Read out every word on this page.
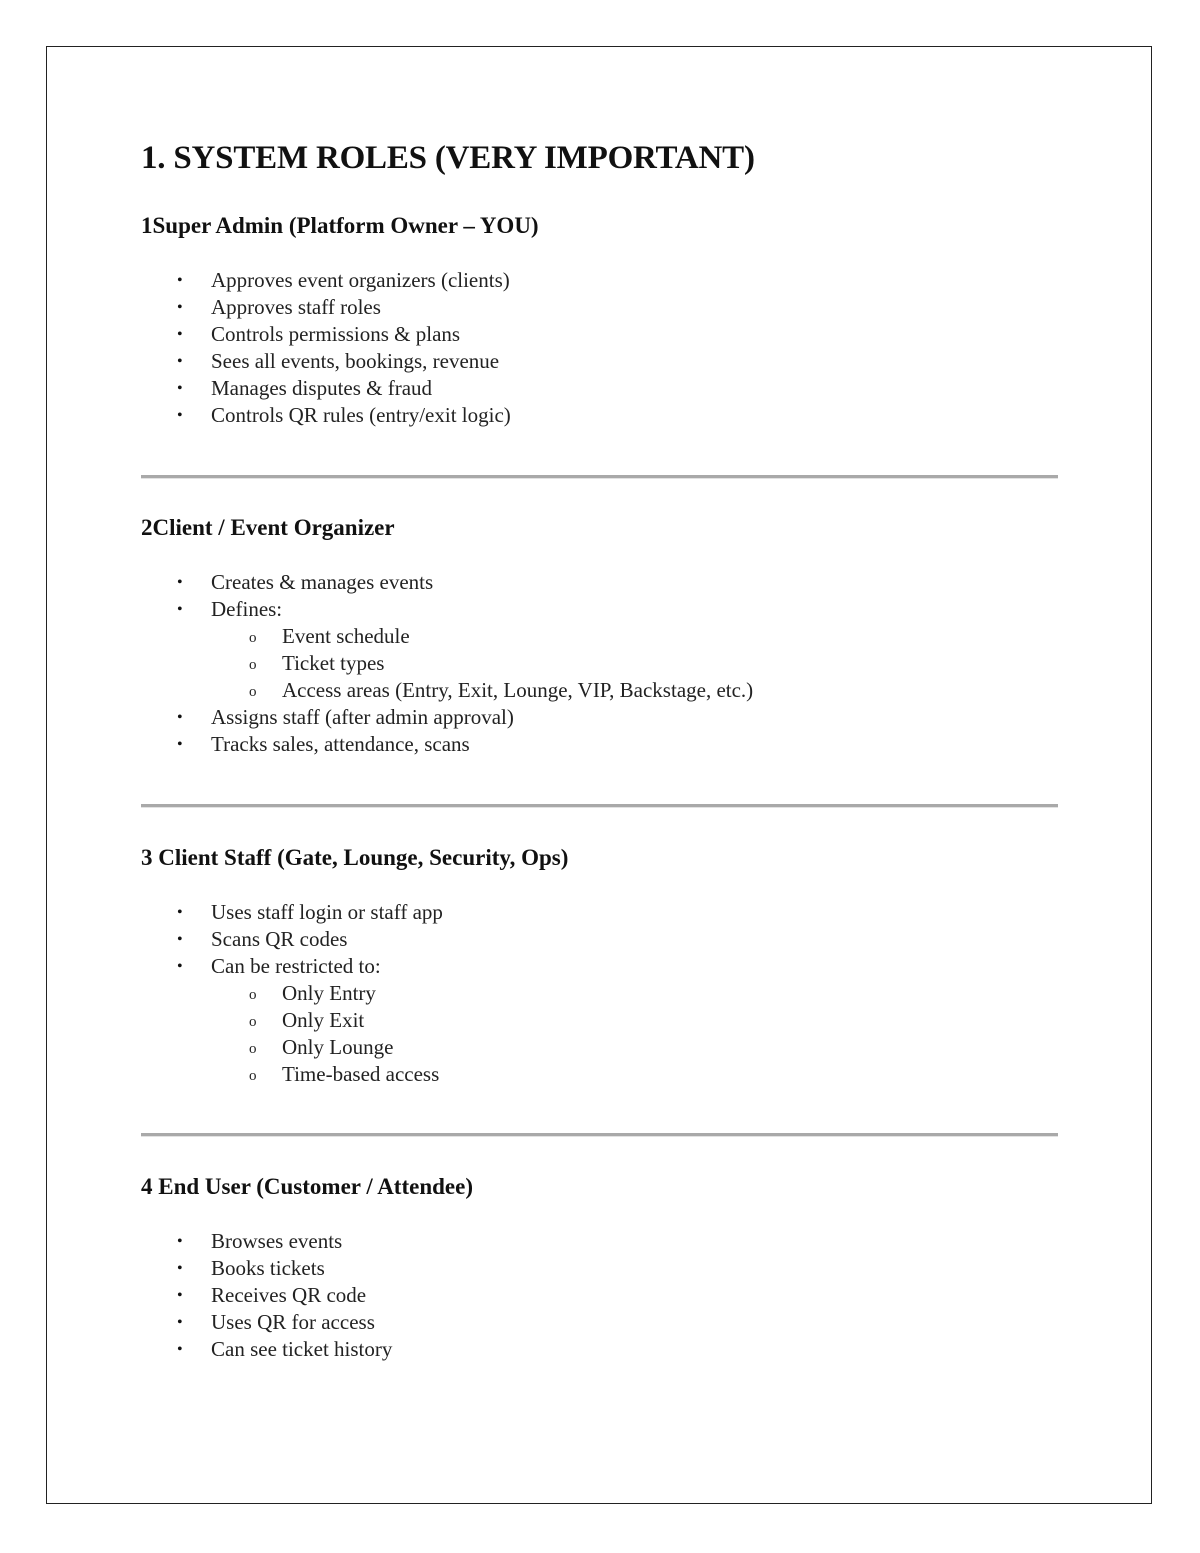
1. SYSTEM ROLES (VERY IMPORTANT)
1Super Admin (Platform Owner – YOU)
• Approves event organizers (clients)
• Approves staff roles
• Controls permissions & plans
• Sees all events, bookings, revenue
• Manages disputes & fraud
• Controls QR rules (entry/exit logic)
2Client / Event Organizer
• Creates & manages events
• Defines:
o Event schedule
o Ticket types
o Access areas (Entry, Exit, Lounge, VIP, Backstage, etc.)
• Assigns staff (after admin approval)
• Tracks sales, attendance, scans
3 Client Staff (Gate, Lounge, Security, Ops)
• Uses staff login or staff app
• Scans QR codes
• Can be restricted to:
o Only Entry
o Only Exit
o Only Lounge
o Time-based access
4 End User (Customer / Attendee)
• Browses events
• Books tickets
• Receives QR code
• Uses QR for access
• Can see ticket history
